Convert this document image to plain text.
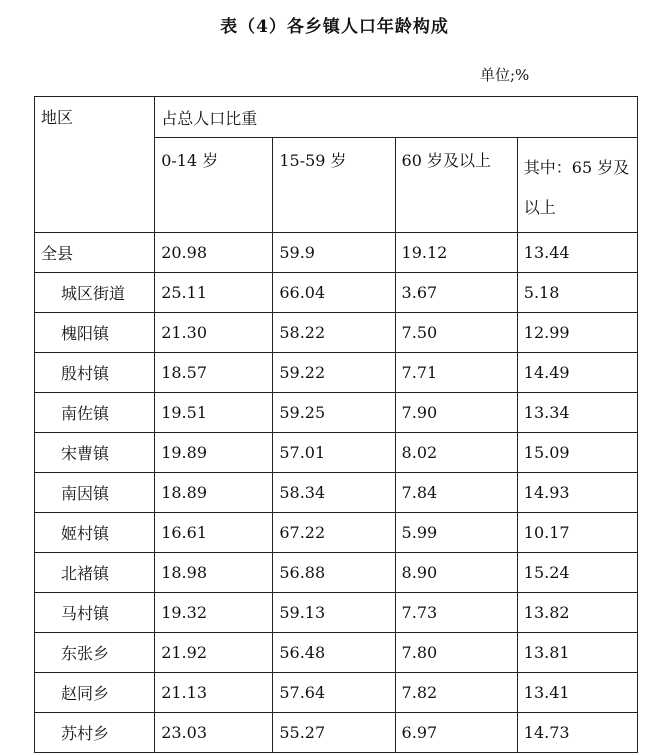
表（4）各乡镇人口年龄构成
单位;%
地区	占总人口比重			
	0-14 岁	15-59 岁	60 岁及以上	其中：65 岁及以上
全县	20.98	59.9	19.12	13.44
城区街道	25.11	66.04	3.67	5.18
槐阳镇	21.30	58.22	7.50	12.99
殷村镇	18.57	59.22	7.71	14.49
南佐镇	19.51	59.25	7.90	13.34
宋曹镇	19.89	57.01	8.02	15.09
南因镇	18.89	58.34	7.84	14.93
姬村镇	16.61	67.22	5.99	10.17
北褚镇	18.98	56.88	8.90	15.24
马村镇	19.32	59.13	7.73	13.82
东张乡	21.92	56.48	7.80	13.81
赵同乡	21.13	57.64	7.82	13.41
苏村乡	23.03	55.27	6.97	14.73
